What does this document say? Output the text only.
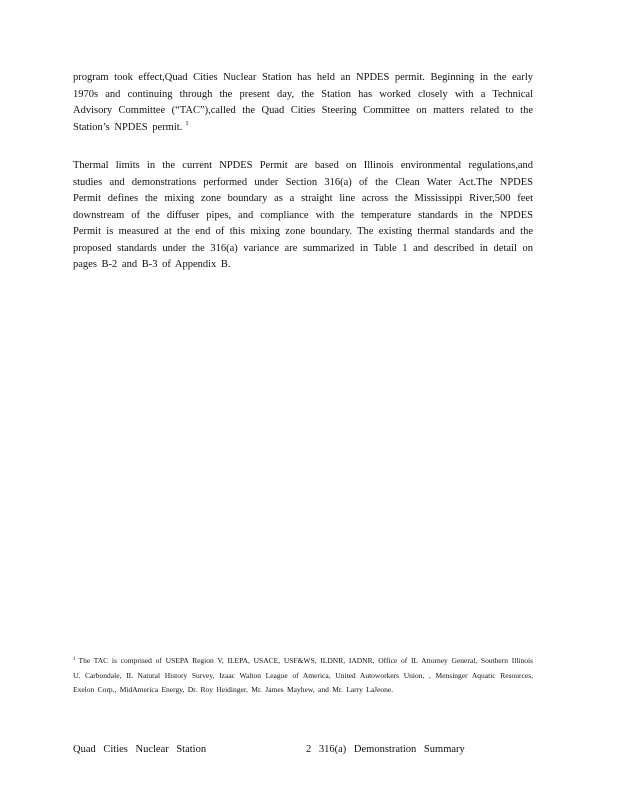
program took effect,Quad Cities Nuclear Station has held an NPDES permit. Beginning in the early 1970s and continuing through the present day, the Station has worked closely with a Technical Advisory Committee (“TAC”),called the Quad Cities Steering Committee on matters related to the Station’s NPDES permit. $^1$

Thermal limits in the current NPDES Permit are based on Illinois environmental regulations,and studies and demonstrations performed under Section 316(a) of the Clean Water Act.The NPDES Permit defines the mixing zone boundary as a straight line across the Mississippi River,500 feet downstream of the diffuser pipes, and compliance with the temperature standards in the NPDES Permit is measured at the end of this mixing zone boundary. The existing thermal standards and the proposed standards under the 316(a) variance are summarized in Table 1 and described in detail on pages B-2 and B-3 of Appendix B.

$^1$ The TAC is comprised of USEPA Region V, ILEPA, USACE, USF&WS, ILDNR, IADNR, Office of IL Attorney General, Southern Illinois U. Carbondale, IL Natural History Survey, Izaac Walton League of America, United Autoworkers Union, , Mensinger Aquatic Resources, Exelon Corp., MidAmerica Energy, Dr. Roy Heidinger, Mr. James Mayhew, and Mr. Larry LaJeone.

Quad Cities Nuclear Station	2 316(a) Demonstration Summary
